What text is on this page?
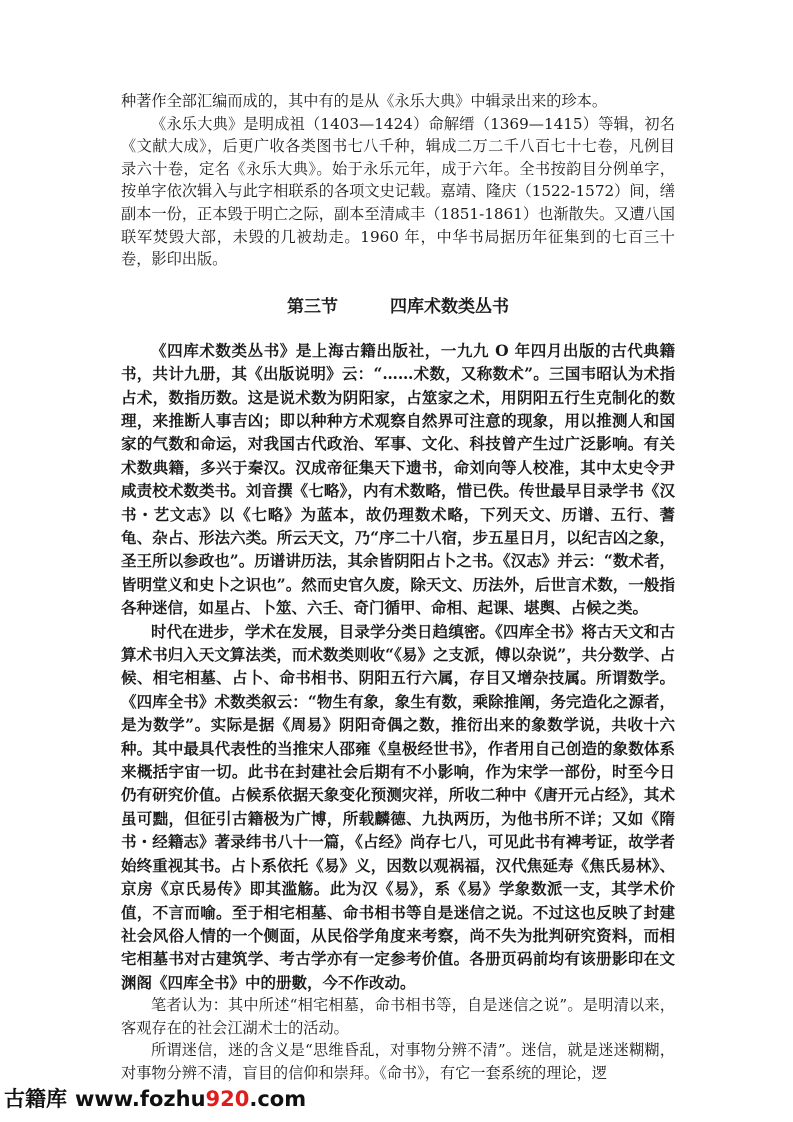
种著作全部汇编而成的，其中有的是从《永乐大典》中辑录出来的珍本。

《永乐大典》是明成祖（1403—1424）命解缙（1369—1415）等辑，初名《文献大成》，后更广收各类图书七八千种，辑成二万二千八百七十七卷，凡例目录六十卷，定名《永乐大典》。始于永乐元年，成于六年。全书按韵目分例单字，按单字依次辑入与此字相联系的各项文史记载。嘉靖、隆庆（1522-1572）间，缮副本一份，正本毁于明亡之际，副本至清咸丰（1851-1861）也渐散失。又遭八国联军焚毁大部，未毁的几被劫走。1960 年，中华书局据历年征集到的七百三十卷，影印出版。

第三节	四库术数类丛书

《四库术数类丛书》是上海古籍出版社，一九九 O 年四月出版的古代典籍书，共计九册，其《出版说明》云：“……术数，又称数术”。三国韦昭认为术指占术，数指历数。这是说术数为阴阳家，占筮家之术，用阴阳五行生克制化的数理，来推断人事吉凶；即以种种方术观察自然界可注意的现象，用以推测人和国家的气数和命运，对我国古代政治、军事、文化、科技曾产生过广泛影响。有关术数典籍，多兴于秦汉。汉成帝征集天下遗书，命刘向等人校准，其中太史令尹咸责校术数类书。刘音撰《七略》，内有术数略，惜已佚。传世最早目录学书《汉书・艺文志》以《七略》为蓝本，故仍理数术略，下列天文、历谱、五行、蓍龟、杂占、形法六类。所云天文，乃“序二十八宿，步五星日月，以纪吉凶之象，圣王所以参政也”。历谱讲历法，其余皆阴阳占卜之书。《汉志》并云：“数术者，皆明堂义和史卜之识也”。然而史官久废，除天文、历法外，后世言术数，一般指各种迷信，如星占、卜筮、六壬、奇门循甲、命相、起课、堪舆、占候之类。

时代在进步，学术在发展，目录学分类日趋缜密。《四库全书》将古天文和古算术书归入天文算法类，而术数类则收“《易》之支派，傅以杂说”，共分数学、占候、相宅相墓、占卜、命书相书、阴阳五行六属，存目又增杂技属。所谓数学。《四库全书》术数类叙云：“物生有象，象生有数，乘除推阐，务完造化之源者，是为数学”。实际是据《周易》阴阳奇偶之数，推衍出来的象数学说，共收十六种。其中最具代表性的当推宋人邵雍《皇极经世书》，作者用自己创造的象数体系来概括宇宙一切。此书在封建社会后期有不小影响，作为宋学一部份，时至今日仍有研究价值。占候系依据天象变化预测灾祥，所收二种中《唐开元占经》，其术虽可黜，但征引古籍极为广博，所载麟德、九执两历，为他书所不详；又如《隋书・经籍志》著录纬书八十一篇，《占经》尚存七八，可见此书有裨考证，故学者始终重视其书。占卜系依托《易》义，因数以观祸福，汉代焦延寿《焦氏易林》、京房《京氏易传》即其滥觞。此为汉《易》，系《易》学象数派一支，其学术价值，不言而喻。至于相宅相墓、命书相书等自是迷信之说。不过这也反映了封建社会风俗人情的一个侧面，从民俗学角度来考察，尚不失为批判研究资料，而相宅相墓书对古建筑学、考古学亦有一定参考价值。各册页码前均有该册影印在文渊阁《四库全书》中的册數，今不作改动。

笔者认为：其中所述“相宅相墓，命书相书等，自是迷信之说”。是明清以来，客观存在的社会江湖术士的活动。

所谓迷信，迷的含义是“思维昏乱，对事物分辨不清”。迷信，就是迷迷糊糊，对事物分辨不清，盲目的信仰和崇拜。《命书》，有它一套系统的理论，逻

古籍库 www.fozhu920.com
